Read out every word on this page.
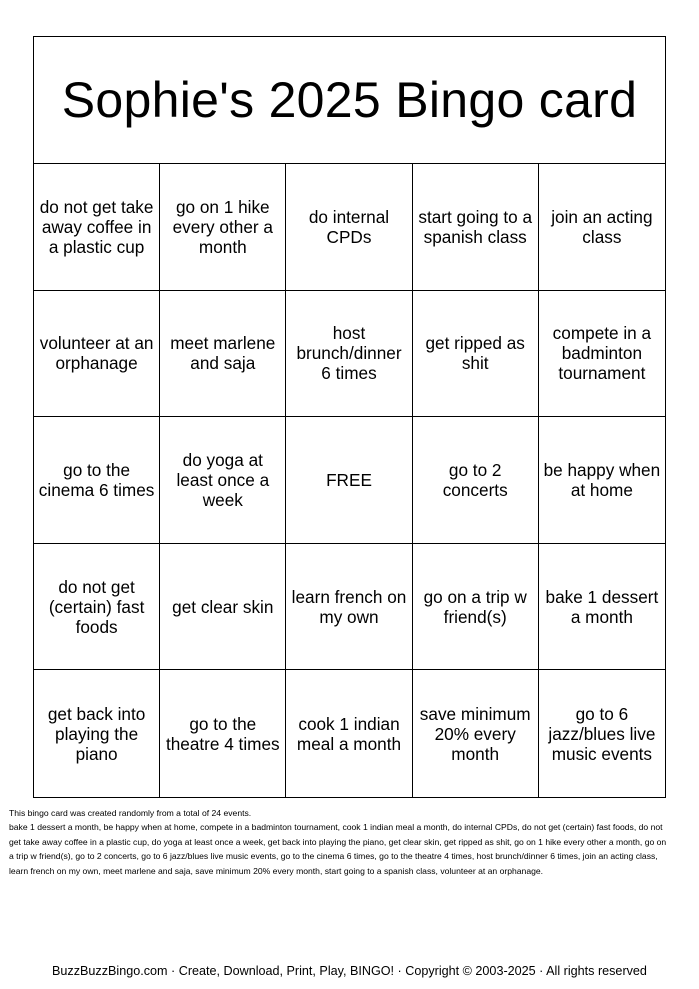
Sophie's 2025 Bingo card
do not get take away coffee in a plastic cup
go on 1 hike every other a month
do internal CPDs
start going to a spanish class
join an acting class
volunteer at an orphanage
meet marlene and saja
host brunch/dinner 6 times
get ripped as shit
compete in a badminton tournament
go to the cinema 6 times
do yoga at least once a week
FREE	go to 2 concerts
be happy when at home
do not get (certain) fast foods
get clear skin	learn french on my own
go on a trip w friend(s)
bake 1 dessert a month
get back into playing the piano
go to the theatre 4 times
cook 1 indian meal a month
save minimum 20% every month
go to 6 jazz/blues live music events

This bingo card was created randomly from a total of 24 events.

bake 1 dessert a month, be happy when at home, compete in a badminton tournament, cook 1 indian meal a month, do internal CPDs, do not get (certain) fast foods, do not get take away coffee in a plastic cup, do yoga at least once a week, get back into playing the piano, get clear skin, get ripped as shit, go on 1 hike every other a month, go on a trip w friend(s), go to 2 concerts, go to 6 jazz/blues live music events, go to the cinema 6 times, go to the theatre 4 times, host brunch/dinner 6 times, join an acting class, learn french on my own, meet marlene and saja, save minimum 20% every month, start going to a spanish class, volunteer at an orphanage.

BuzzBuzzBingo.com · Create, Download, Print, Play, BINGO! · Copyright © 2003-2025 · All rights reserved
